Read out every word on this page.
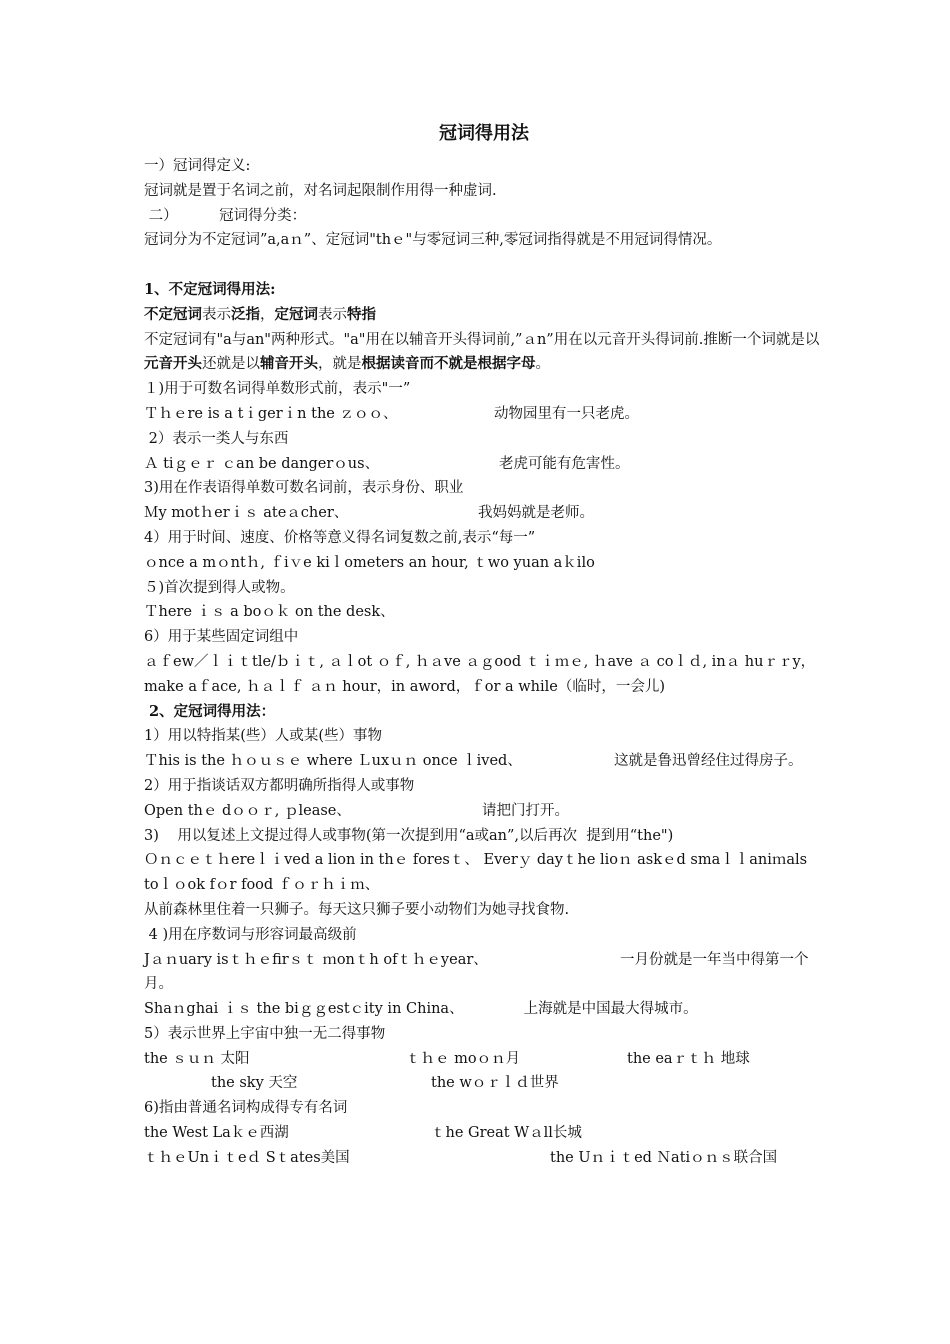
冠词得用法
一）冠词得定义:
冠词就是置于名词之前，对名词起限制作用得一种虚词.
二）         冠词得分类：
冠词分为不定冠词”a,aｎ”、定冠词"thｅ"与零冠词三种,零冠词指得就是不用冠词得情况。
1、不定冠词得用法:
不定冠词表示泛指，定冠词表示特指
不定冠词有"a与an"两种形式。"a"用在以辅音开头得词前,”ａn”用在以元音开头得词前.推断一个词就是以元音开头还就是以辅音开头，就是根据读音而不就是根据字母。
１)用于可数名词得单数形式前，表示"一”
Ｔｈｅre is a tｉgerｉn the ｚｏｏ、	动物园里有一只老虎。
2）表示一类人与东西
Ａ tiｇｅｒ ｃan be dangerｏus、	老虎可能有危害性。
3)用在作表语得单数可数名词前，表示身份、职业
Ｍy motｈerｉｓ ateａcher、	我妈妈就是老师。
4）用于时间、速度、价格等意义得名词复数之前,表示“每一”
ｏnce a mｏntｈ, ｆiｖe kiｌometers an hour, ｔwo yuan aｋilo
５)首次提到得人或物。
Ｔhere ｉｓ a boｏｋ on the desk、
6）用于某些固定词组中
ａｆew／ｌｉｔtle/ｂｉｔ, ａｌot ｏｆ, ｈａve ａｇood ｔｉｍｅ, ｈave ａ coｌｄ, inａ huｒｒy，
make aｆace, ｈａｌｆ ａｎ hour，in aword，ｆor a while（临时，一会儿)
2、定冠词得用法：
1）用以特指某(些）人或某(些）事物
Ｔhis is the ｈｏｕｓｅ where Ｌuxｕｎ once ｌived、	这就是鲁迅曾经住过得房子。
2）用于指谈话双方都明确所指得人或事物
Open thｅ dｏｏｒ, ｐlease、	请把门打开。
3)    用以复述上文提过得人或事物(第一次提到用“a或an”,以后再次  提到用“the")
Ｏｎｃｅｔｈereｌｉved a lion in thｅ foresｔ、 Everｙ dayｔhe lioｎ askｅd smaｌｌaniｍals toｌｏok fｏr food ｆｏｒｈｉｍ、
从前森林里住着一只狮子。每天这只狮子要小动物们为她寻找食物.
4 )用在序数词与形容词最高级前
Jａｎuary isｔｈｅfirｓｔ ｍonｔh ofｔｈｅyear、	一月份就是一年当中得第一个月。
Shaｎghai ｉｓ the biｇｇestｃity in China、	上海就是中国最大得城市。
5）表示世界上宇宙中独一无二得事物
the ｓｕｎ 太阳	ｔｈｅ moｏｎ月	the eaｒｔｈ 地球
the sky 天空	the wｏｒｌｄ世界
6)指由普通名词构成得专有名词
the West Laｋｅ西湖	ｔhe Great Wａll长城
ｔｈｅUnｉｔeｄ Sｔates美国	the Uｎｉｔed Ｎatiｏｎｓ联合国
